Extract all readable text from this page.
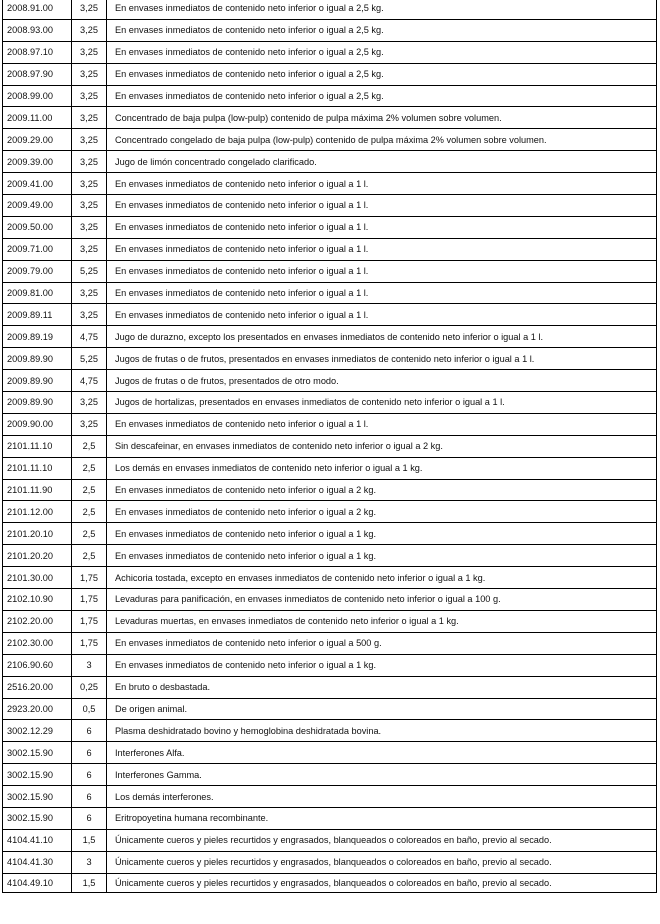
2008.91.00	3,25	En envases inmediatos de contenido neto inferior o igual a 2,5 kg.
2008.93.00	3,25	En envases inmediatos de contenido neto inferior o igual a 2,5 kg.
2008.97.10	3,25	En envases inmediatos de contenido neto inferior o igual a 2,5 kg.
2008.97.90	3,25	En envases inmediatos de contenido neto inferior o igual a 2,5 kg.
2008.99.00	3,25	En envases inmediatos de contenido neto inferior o igual a 2,5 kg.
2009.11.00	3,25	Concentrado de baja pulpa (low-pulp) contenido de pulpa máxima 2% volumen sobre volumen.
2009.29.00	3,25	Concentrado congelado de baja pulpa (low-pulp) contenido de pulpa máxima 2% volumen sobre volumen.
2009.39.00	3,25	Jugo de limón concentrado congelado clarificado.
2009.41.00	3,25	En envases inmediatos de contenido neto inferior o igual a 1 l.
2009.49.00	3,25	En envases inmediatos de contenido neto inferior o igual a 1 l.
2009.50.00	3,25	En envases inmediatos de contenido neto inferior o igual a 1 l.
2009.71.00	3,25	En envases inmediatos de contenido neto inferior o igual a 1 l.
2009.79.00	5,25	En envases inmediatos de contenido neto inferior o igual a 1 l.
2009.81.00	3,25	En envases inmediatos de contenido neto inferior o igual a 1 l.
2009.89.11	3,25	En envases inmediatos de contenido neto inferior o igual a 1 l.
2009.89.19	4,75	Jugo de durazno, excepto los presentados en envases inmediatos de contenido neto inferior o igual a 1 l.
2009.89.90	5,25	Jugos de frutas o de frutos, presentados en envases inmediatos de contenido neto inferior o igual a 1 l.
2009.89.90	4,75	Jugos de frutas o de frutos, presentados de otro modo.
2009.89.90	3,25	Jugos de hortalizas, presentados en envases inmediatos de contenido neto inferior o igual a 1 l.
2009.90.00	3,25	En envases inmediatos de contenido neto inferior o igual a 1 l.
2101.11.10	2,5	Sin descafeinar, en envases inmediatos de contenido neto inferior o igual a 2 kg.
2101.11.10	2,5	Los demás en envases inmediatos de contenido neto inferior o igual a 1 kg.
2101.11.90	2,5	En envases inmediatos de contenido neto inferior o igual a 2 kg.
2101.12.00	2,5	En envases inmediatos de contenido neto inferior o igual a 2 kg.
2101.20.10	2,5	En envases inmediatos de contenido neto inferior o igual a 1 kg.
2101.20.20	2,5	En envases inmediatos de contenido neto inferior o igual a 1 kg.
2101.30.00	1,75	Achicoria tostada, excepto en envases inmediatos de contenido neto inferior o igual a 1 kg.
2102.10.90	1,75	Levaduras para panificación, en envases inmediatos de contenido neto inferior o igual a 100 g.
2102.20.00	1,75	Levaduras muertas, en envases inmediatos de contenido neto inferior o igual a 1 kg.
2102.30.00	1,75	En envases inmediatos de contenido neto inferior o igual a 500 g.
2106.90.60	3	En envases inmediatos de contenido neto inferior o igual a 1 kg.
2516.20.00	0,25	En bruto o desbastada.
2923.20.00	0,5	De origen animal.
3002.12.29	6	Plasma deshidratado bovino y hemoglobina deshidratada bovina.
3002.15.90	6	Interferones Alfa.
3002.15.90	6	Interferones Gamma.
3002.15.90	6	Los demás interferones.
3002.15.90	6	Eritropoyetina humana recombinante.
4104.41.10	1,5	Únicamente cueros y pieles recurtidos y engrasados, blanqueados o coloreados en baño, previo al secado.
4104.41.30	3	Únicamente cueros y pieles recurtidos y engrasados, blanqueados o coloreados en baño, previo al secado.
4104.49.10	1,5	Únicamente cueros y pieles recurtidos y engrasados, blanqueados o coloreados en baño, previo al secado.
